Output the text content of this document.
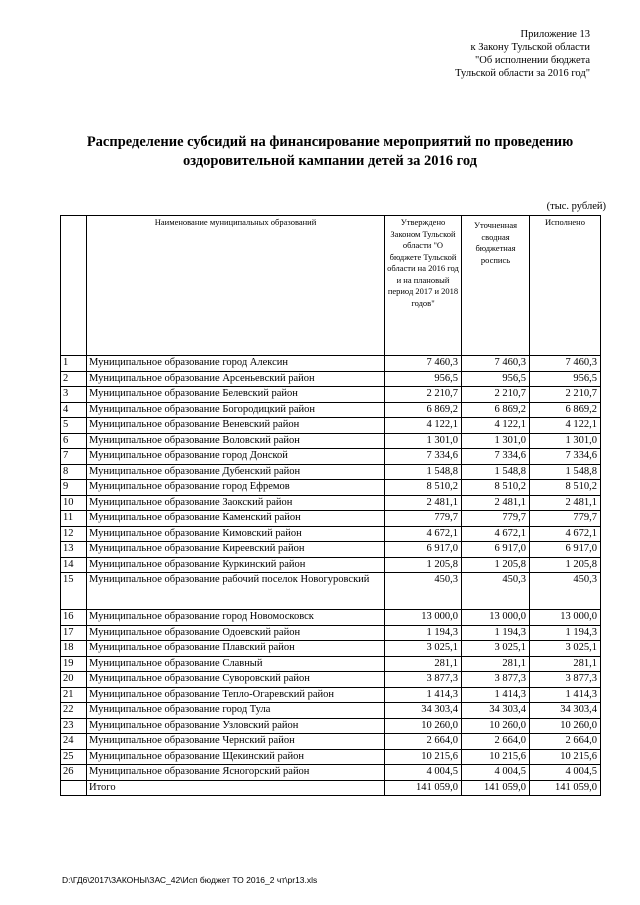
Приложение 13
к Закону Тульской области
"Об исполнении бюджета
Тульской области за 2016 год"
Распределение субсидий на финансирование мероприятий по проведению
оздоровительной кампании детей за 2016 год
(тыс. рублей)
	Наименование муниципальных образований	Утверждено Законом Тульской области "О бюджете Тульской области на 2016 год и на плановый период 2017 и 2018 годов"	Уточненная сводная бюджетная роспись	Исполнено
1	Муниципальное образование город Алексин	7 460,3	7 460,3	7 460,3
2	Муниципальное образование Арсеньевский район	956,5	956,5	956,5
3	Муниципальное образование Белевский район	2 210,7	2 210,7	2 210,7
4	Муниципальное образование Богородицкий район	6 869,2	6 869,2	6 869,2
5	Муниципальное образование Веневский район	4 122,1	4 122,1	4 122,1
6	Муниципальное образование Воловский район	1 301,0	1 301,0	1 301,0
7	Муниципальное образование город Донской	7 334,6	7 334,6	7 334,6
8	Муниципальное образование Дубенский район	1 548,8	1 548,8	1 548,8
9	Муниципальное образование город Ефремов	8 510,2	8 510,2	8 510,2
10	Муниципальное образование Заокский район	2 481,1	2 481,1	2 481,1
11	Муниципальное образование Каменский район	779,7	779,7	779,7
12	Муниципальное образование Кимовский район	4 672,1	4 672,1	4 672,1
13	Муниципальное образование Киреевский район	6 917,0	6 917,0	6 917,0
14	Муниципальное образование Куркинский район	1 205,8	1 205,8	1 205,8
15	Муниципальное образование рабочий поселок Новогуровский	450,3	450,3	450,3
16	Муниципальное образование город Новомосковск	13 000,0	13 000,0	13 000,0
17	Муниципальное образование Одоевский район	1 194,3	1 194,3	1 194,3
18	Муниципальное образование Плавский район	3 025,1	3 025,1	3 025,1
19	Муниципальное образование Славный	281,1	281,1	281,1
20	Муниципальное образование Суворовский район	3 877,3	3 877,3	3 877,3
21	Муниципальное образование Тепло-Огаревский район	1 414,3	1 414,3	1 414,3
22	Муниципальное образование город Тула	34 303,4	34 303,4	34 303,4
23	Муниципальное образование Узловский район	10 260,0	10 260,0	10 260,0
24	Муниципальное образование Чернский район	2 664,0	2 664,0	2 664,0
25	Муниципальное образование Щекинский район	10 215,6	10 215,6	10 215,6
26	Муниципальное образование Ясногорский район	4 004,5	4 004,5	4 004,5
	Итого	141 059,0	141 059,0	141 059,0
D:\ГД6\2017\ЗАКОНЫ\ЗАС_42\Исп бюджет ТО 2016_2 чт\pr13.xls
